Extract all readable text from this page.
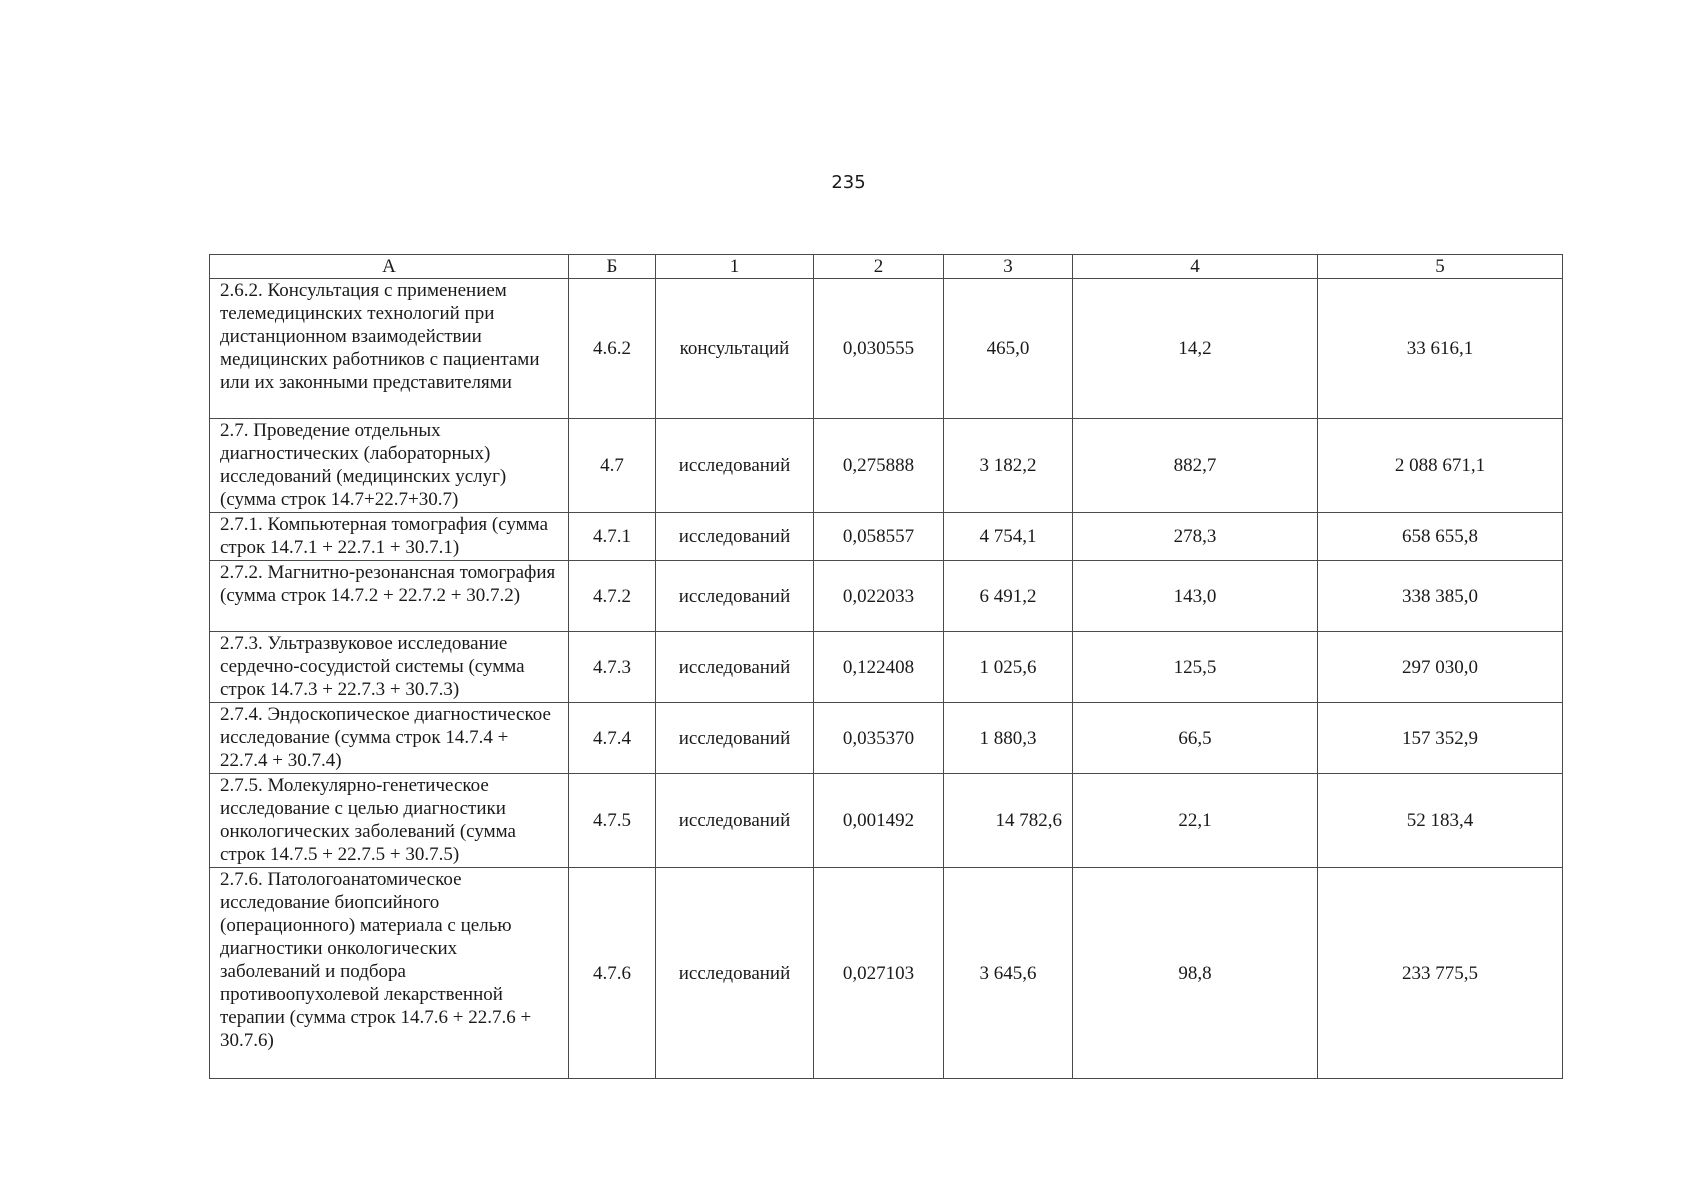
235
А	Б	1	2	3	4	5
2.6.2. Консультация с применением телемедицинских технологий при дистанционном взаимодействии медицинских работников с пациентами или их законными представителями	4.6.2	консультаций	0,030555	465,0	14,2	33 616,1
2.7. Проведение отдельных диагностических (лабораторных) исследований (медицинских услуг) (сумма строк 14.7+22.7+30.7)	4.7	исследований	0,275888	3 182,2	882,7	2 088 671,1
2.7.1. Компьютерная томография (сумма строк 14.7.1 + 22.7.1 + 30.7.1)	4.7.1	исследований	0,058557	4 754,1	278,3	658 655,8
2.7.2. Магнитно-резонансная томография (сумма строк 14.7.2 + 22.7.2 + 30.7.2)	4.7.2	исследований	0,022033	6 491,2	143,0	338 385,0
2.7.3. Ультразвуковое исследование сердечно-сосудистой системы (сумма строк 14.7.3 + 22.7.3 + 30.7.3)	4.7.3	исследований	0,122408	1 025,6	125,5	297 030,0
2.7.4. Эндоскопическое диагностическое исследование (сумма строк 14.7.4 + 22.7.4 + 30.7.4)	4.7.4	исследований	0,035370	1 880,3	66,5	157 352,9
2.7.5. Молекулярно-генетическое исследование с целью диагностики онкологических заболеваний (сумма строк 14.7.5 + 22.7.5 + 30.7.5)	4.7.5	исследований	0,001492	14 782,6	22,1	52 183,4
2.7.6. Патологоанатомическое исследование биопсийного (операционного) материала с целью диагностики онкологических заболеваний и подбора противоопухолевой лекарственной терапии (сумма строк 14.7.6 + 22.7.6 + 30.7.6)	4.7.6	исследований	0,027103	3 645,6	98,8	233 775,5
